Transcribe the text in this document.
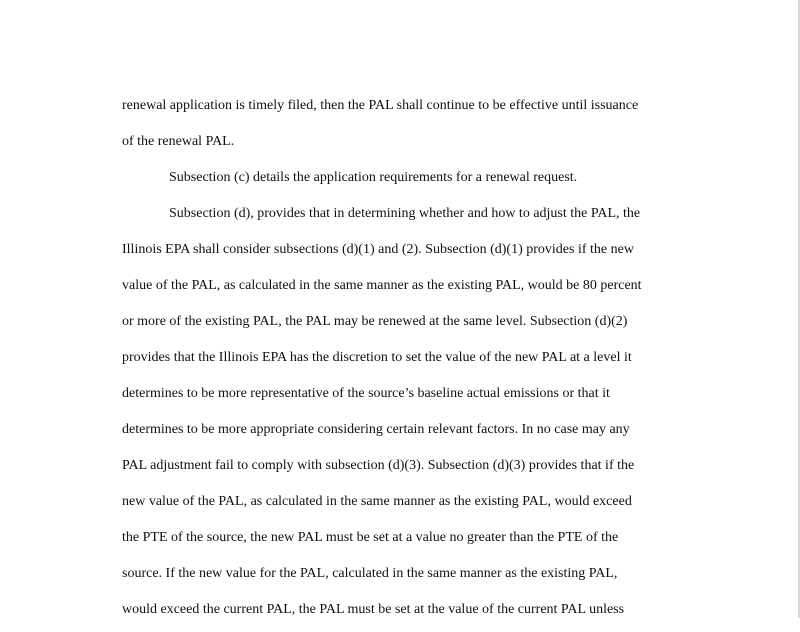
renewal application is timely filed, then the PAL shall continue to be effective until issuance
of the renewal PAL.
Subsection (c) details the application requirements for a renewal request.
Subsection (d), provides that in determining whether and how to adjust the PAL, the
Illinois EPA shall consider subsections (d)(1) and (2). Subsection (d)(1) provides if the new
value of the PAL, as calculated in the same manner as the existing PAL, would be 80 percent
or more of the existing PAL, the PAL may be renewed at the same level. Subsection (d)(2)
provides that the Illinois EPA has the discretion to set the value of the new PAL at a level it
determines to be more representative of the source’s baseline actual emissions or that it
determines to be more appropriate considering certain relevant factors. In no case may any
PAL adjustment fail to comply with subsection (d)(3). Subsection (d)(3) provides that if the
new value of the PAL, as calculated in the same manner as the existing PAL, would exceed
the PTE of the source, the new PAL must be set at a value no greater than the PTE of the
source. If the new value for the PAL, calculated in the same manner as the existing PAL,
would exceed the current PAL, the PAL must be set at the value of the current PAL unless
